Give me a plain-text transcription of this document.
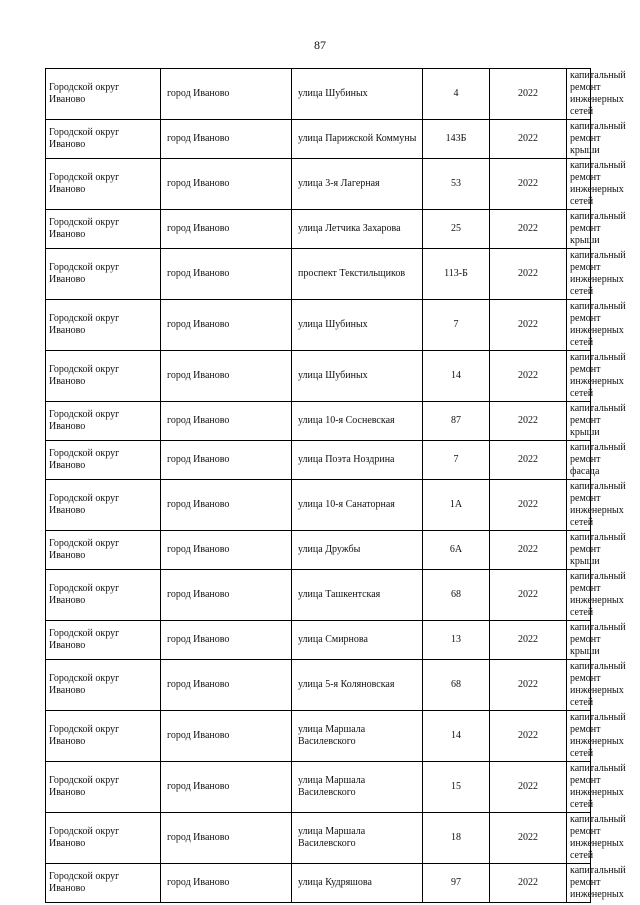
87
Городской округ Иваново	город Иваново	улица Шубиных	4	2022	капитальный ремонт инженерных сетей
Городской округ Иваново	город Иваново	улица Парижской Коммуны	143Б	2022	капитальный ремонт крыши
Городской округ Иваново	город Иваново	улица 3-я Лагерная	53	2022	капитальный ремонт инженерных сетей
Городской округ Иваново	город Иваново	улица Летчика Захарова	25	2022	капитальный ремонт крыши
Городской округ Иваново	город Иваново	проспект Текстильщиков	113-Б	2022	капитальный ремонт инженерных сетей
Городской округ Иваново	город Иваново	улица Шубиных	7	2022	капитальный ремонт инженерных сетей
Городской округ Иваново	город Иваново	улица Шубиных	14	2022	капитальный ремонт инженерных сетей
Городской округ Иваново	город Иваново	улица 10-я Сосневская	87	2022	капитальный ремонт крыши
Городской округ Иваново	город Иваново	улица Поэта Ноздрина	7	2022	капитальный ремонт фасада
Городской округ Иваново	город Иваново	улица 10-я Санаторная	1А	2022	капитальный ремонт инженерных сетей
Городской округ Иваново	город Иваново	улица Дружбы	6А	2022	капитальный ремонт крыши
Городской округ Иваново	город Иваново	улица Ташкентская	68	2022	капитальный ремонт инженерных сетей
Городской округ Иваново	город Иваново	улица Смирнова	13	2022	капитальный ремонт крыши
Городской округ Иваново	город Иваново	улица 5-я Коляновская	68	2022	капитальный ремонт инженерных сетей
Городской округ Иваново	город Иваново	улица Маршала Василевского	14	2022	капитальный ремонт инженерных сетей
Городской округ Иваново	город Иваново	улица Маршала Василевского	15	2022	капитальный ремонт инженерных сетей
Городской округ Иваново	город Иваново	улица Маршала Василевского	18	2022	капитальный ремонт инженерных сетей
Городской округ Иваново	город Иваново	улица Кудряшова	97	2022	капитальный ремонт инженерных
